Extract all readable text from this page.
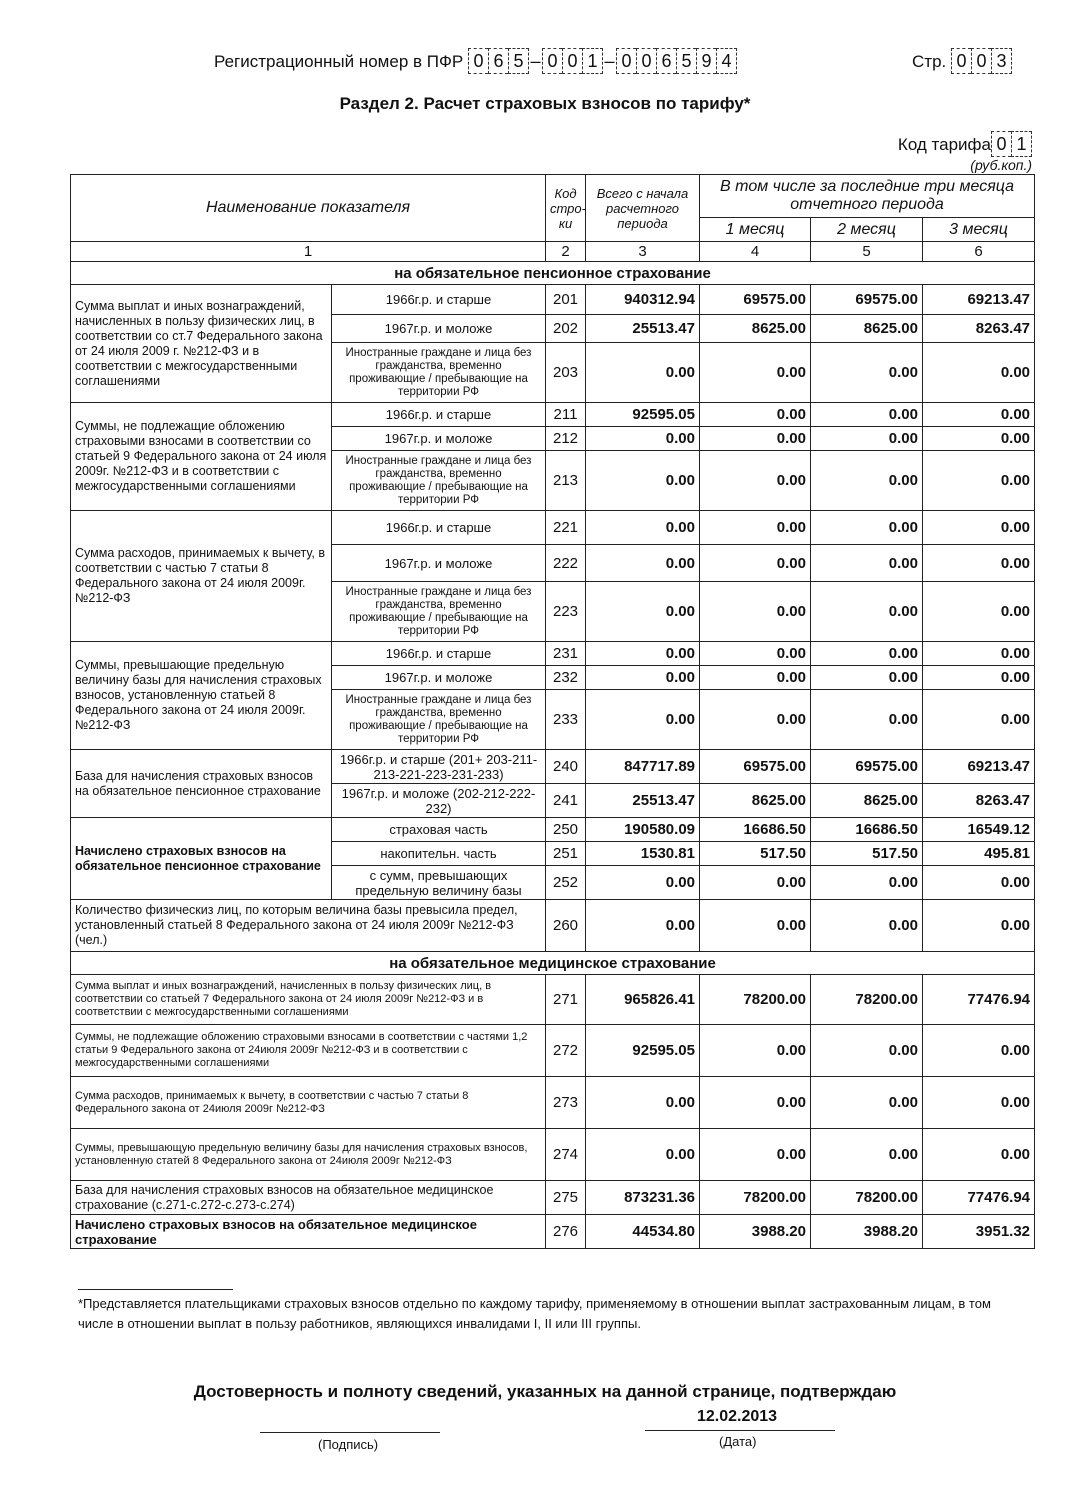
Регистрационный номер в ПФР 0 6 5 – 0 0 1 – 0 0 6 5 9 4	Стр. 0 0 3
Раздел 2. Расчет страховых взносов по тарифу*
Код тарифа 0 1
(руб.коп.)
Наименование показателя		Код стро-ки	Всего с начала расчетного периода	В том числе за последние три месяца отчетного периода		
				1 месяц	2 месяц	3 месяц
1		2	3	4	5	6
на обязательное пенсионное страхование						
Сумма выплат и иных вознаграждений, начисленных в пользу физических лиц, в соответствии со ст.7 Федерального закона от 24 июля 2009 г. №212-ФЗ и в соответствии с межгосударственными соглашениями	1966г.р. и старше	201	940312.94	69575.00	69575.00	69213.47
	1967г.р. и моложе	202	25513.47	8625.00	8625.00	8263.47
	Иностранные граждане и лица без гражданства, временно проживающие / пребывающие на территории РФ	203	0.00	0.00	0.00	0.00
Суммы, не подлежащие обложению страховыми взносами в соответствии со статьей 9 Федерального закона от 24 июля 2009г. №212-ФЗ и в соответствии с межгосударственными соглашениями	1966г.р. и старше	211	92595.05	0.00	0.00	0.00
	1967г.р. и моложе	212	0.00	0.00	0.00	0.00
	Иностранные граждане и лица без гражданства, временно проживающие / пребывающие на территории РФ	213	0.00	0.00	0.00	0.00
Сумма расходов, принимаемых к вычету, в соответствии с частью 7 статьи 8 Федерального закона от 24 июля 2009г. №212-ФЗ	1966г.р. и старше	221	0.00	0.00	0.00	0.00
	1967г.р. и моложе	222	0.00	0.00	0.00	0.00
	Иностранные граждане и лица без гражданства, временно проживающие / пребывающие на территории РФ	223	0.00	0.00	0.00	0.00
Суммы, превышающие предельную величину базы для начисления страховых взносов, установленную статьей 8 Федерального закона от 24 июля 2009г.№212-ФЗ	1966г.р. и старше	231	0.00	0.00	0.00	0.00
	1967г.р. и моложе	232	0.00	0.00	0.00	0.00
	Иностранные граждане и лица без гражданства, временно проживающие / пребывающие на территории РФ	233	0.00	0.00	0.00	0.00
База для начисления страховых взносов на обязательное пенсионное страхование	1966г.р. и старше (201+ 203-211-213-221-223-231-233)	240	847717.89	69575.00	69575.00	69213.47
	1967г.р. и моложе (202-212-222-232)	241	25513.47	8625.00	8625.00	8263.47
Начислено страховых взносов на обязательное пенсионное страхование	страховая часть	250	190580.09	16686.50	16686.50	16549.12
	накопительн. часть	251	1530.81	517.50	517.50	495.81
	с сумм, превышающих предельную величину базы	252	0.00	0.00	0.00	0.00
Количество физическиз лиц, по которым величина базы превысила предел, установленный статьей 8 Федерального закона от 24 июля 2009г №212-ФЗ (чел.)		260	0.00	0.00	0.00	0.00
на обязательное медицинское страхование						
Сумма выплат и иных вознаграждений, начисленных в пользу физических лиц, в соответствии со статьей 7 Федерального закона от 24 июля 2009г №212-ФЗ и в соответствии с межгосударственными соглашениями		271	965826.41	78200.00	78200.00	77476.94
Суммы, не подлежащие обложению страховыми взносами в соответствии с частями 1,2 статьи 9 Федерального закона от 24июля 2009г №212-ФЗ и в соответствии с межгосударственными соглашениями		272	92595.05	0.00	0.00	0.00
Сумма расходов, принимаемых к вычету, в соответствии с частью 7 статьи 8 Федерального закона от 24июля 2009г №212-ФЗ		273	0.00	0.00	0.00	0.00
Суммы, превышающую предельную величину базы для начисления страховых взносов, установленную статей 8 Федерального закона от 24июля 2009г №212-ФЗ		274	0.00	0.00	0.00	0.00
База для начисления страховых взносов на обязательное медицинское страхование (с.271-с.272-с.273-с.274)		275	873231.36	78200.00	78200.00	77476.94
Начислено страховых взносов на обязательное медицинское страхование		276	44534.80	3988.20	3988.20	3951.32
*Представляется плательщиками страховых взносов отдельно по каждому тарифу, применяемому в отношении выплат застрахованным лицам, в том числе в отношении выплат в пользу работников, являющихся инвалидами I, II или III группы.
Достоверность и полноту сведений, указанных на данной странице, подтверждаю
12.02.2013
(Подпись)	(Дата)
